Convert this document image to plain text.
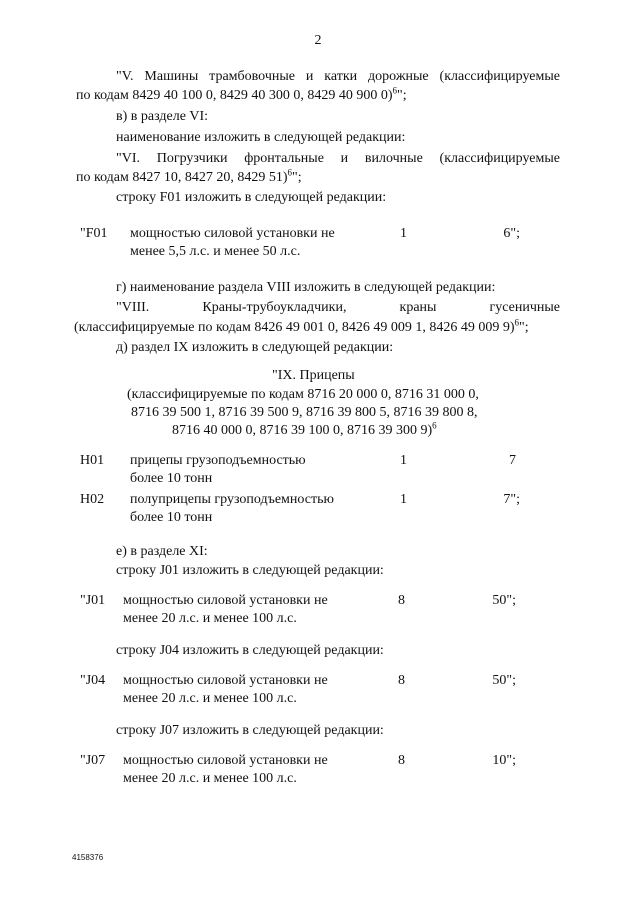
2
"V. Машины трамбовочные и катки дорожные (классифицируемые
по кодам 8429 40 100 0, 8429 40 300 0, 8429 40 900 0)$^6$";
в) в разделе VI:
наименование изложить в следующей редакции:
"VI. Погрузчики фронтальные и вилочные (классифицируемые
по кодам 8427 10, 8427 20, 8429 51)$^6$";
строку F01 изложить в следующей редакции:
"F01 мощностью силовой установки не
менее 5,5 л.с. и менее 50 л.с.
1	6";
г) наименование раздела VIII изложить в следующей редакции:
"VIII. Краны-трубоукладчики, краны гусеничные
(классифицируемые по кодам 8426 49 001 0, 8426 49 009 1, 8426 49 009 9)$^6$";
д) раздел IX изложить в следующей редакции:
"IX. Прицепы
(классифицируемые по кодам 8716 20 000 0, 8716 31 000 0,
8716 39 500 1, 8716 39 500 9, 8716 39 800 5, 8716 39 800 8,
8716 40 000 0, 8716 39 100 0, 8716 39 300 9)$^6$
H01 прицепы грузоподъемностью
более 10 тонн
1	7
H02 полуприцепы грузоподъемностью
более 10 тонн
1	7";
е) в разделе XI:
строку J01 изложить в следующей редакции:
"J01 мощностью силовой установки не
менее 20 л.с. и менее 100 л.с.
8	50";
строку J04 изложить в следующей редакции:
"J04 мощностью силовой установки не
менее 20 л.с. и менее 100 л.с.
8	50";
строку J07 изложить в следующей редакции:
"J07 мощностью силовой установки не
менее 20 л.с. и менее 100 л.с.
8	10";
4158376
